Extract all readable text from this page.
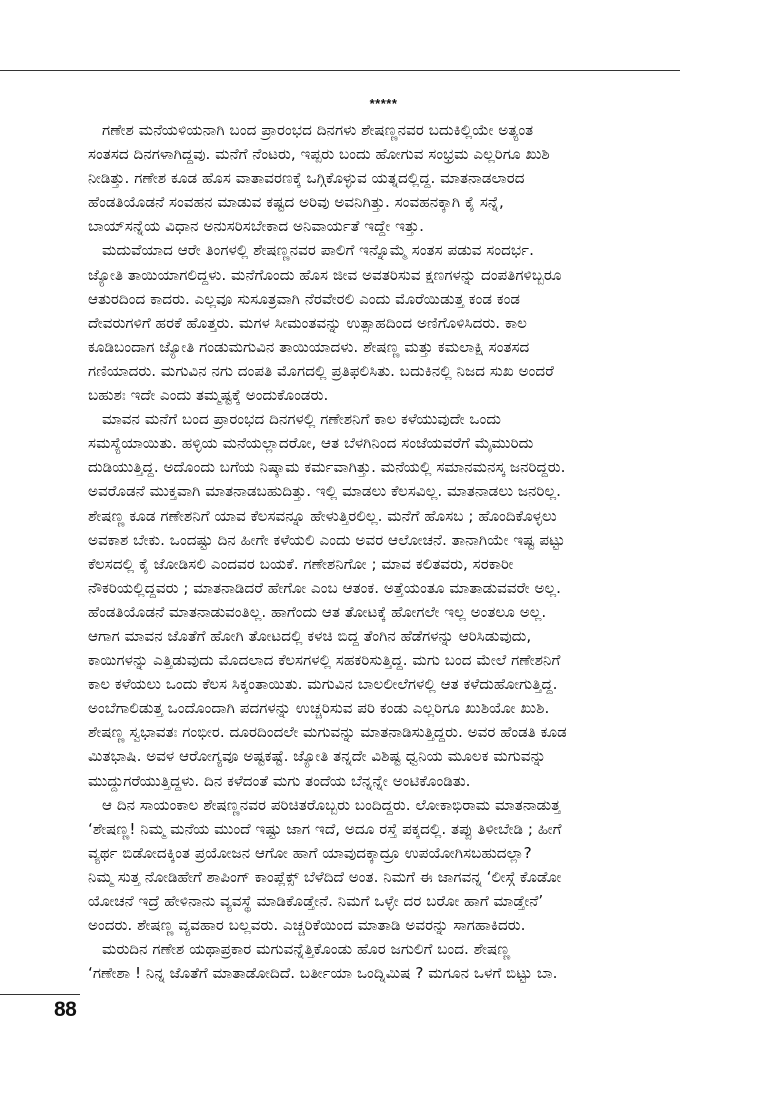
*****
ಗಣೇಶ ಮನೆಯಳಿಯನಾಗಿ ಬಂದ ಪ್ರಾರಂಭದ ದಿನಗಳು ಶೇಷಣ್ಣನವರ ಬದುಕಿಲ್ಲಿಯೇ ಅತ್ಯಂತ
ಸಂತಸದ ದಿನಗಳಾಗಿದ್ದವು. ಮನೆಗೆ ನೆಂಟರು, ಇಪ್ಪರು ಬಂದು ಹೋಗುವ ಸಂಭ್ರಮ ಎಲ್ಲರಿಗೂ ಖುಶಿ
ನೀಡಿತ್ತು. ಗಣೇಶ ಕೂಡ ಹೊಸ ವಾತಾವರಣಕ್ಕೆ ಒಗ್ಗಿಕೊಳ್ಳುವ ಯತ್ನದಲ್ಲಿದ್ದ. ಮಾತನಾಡಲಾರದ
ಹೆಂಡತಿಯೊಡನೆ ಸಂವಹನ ಮಾಡುವ ಕಷ್ಟದ ಅರಿವು ಅವನಿಗಿತ್ತು. ಸಂವಹನಕ್ಕಾಗಿ ಕೈ ಸನ್ನೆ,
ಬಾಯ್‌ಸನ್ನೆಯ ವಿಧಾನ ಅನುಸರಿಸಬೇಕಾದ ಅನಿವಾರ್ಯತೆ ಇದ್ದೇ ಇತ್ತು.
ಮದುವೆಯಾದ ಆರೇ ತಿಂಗಳಲ್ಲಿ ಶೇಷಣ್ಣನವರ ಪಾಲಿಗೆ ಇನ್ನೊಮ್ಮೆ ಸಂತಸ ಪಡುವ ಸಂದರ್ಭ.
ಜ್ಯೋತಿ ತಾಯಿಯಾಗಲಿದ್ದಳು. ಮನೆಗೊಂದು ಹೊಸ ಜೀವ ಅವತರಿಸುವ ಕ್ಷಣಗಳನ್ನು ದಂಪತಿಗಳಿಬ್ಬರೂ
ಆತುರದಿಂದ ಕಾದರು. ಎಲ್ಲವೂ ಸುಸೂತ್ರವಾಗಿ ನೆರವೇರಲಿ ಎಂದು ಮೊರೆಯಿಡುತ್ತ ಕಂಡ ಕಂಡ
ದೇವರುಗಳಿಗೆ ಹರಕೆ ಹೊತ್ತರು. ಮಗಳ ಸೀಮಂತವನ್ನು ಉತ್ಸಾಹದಿಂದ ಅಣಿಗೊಳಿಸಿದರು. ಕಾಲ
ಕೂಡಿಬಂದಾಗ ಜ್ಯೋತಿ ಗಂಡುಮಗುವಿನ ತಾಯಿಯಾದಳು. ಶೇಷಣ್ಣ ಮತ್ತು ಕಮಲಾಕ್ಷಿ ಸಂತಸದ
ಗಣಿಯಾದರು. ಮಗುವಿನ ನಗು ದಂಪತಿ ಮೊಗದಲ್ಲಿ ಪ್ರತಿಫಲಿಸಿತು. ಬದುಕಿನಲ್ಲಿ ನಿಜದ ಸುಖ ಅಂದರೆ
ಬಹುಶಃ ಇದೇ ಎಂದು ತಮ್ಮಷ್ಟಕ್ಕೆ ಅಂದುಕೊಂಡರು.
ಮಾವನ ಮನೆಗೆ ಬಂದ ಪ್ರಾರಂಭದ ದಿನಗಳಲ್ಲಿ ಗಣೇಶನಿಗೆ ಕಾಲ ಕಳೆಯುವುದೇ ಒಂದು
ಸಮಸ್ಯೆಯಾಯಿತು. ಹಳ್ಳಿಯ ಮನೆಯಲ್ಲಾದರೋ, ಆತ ಬೆಳಗಿನಿಂದ ಸಂಜೆಯವರೆಗೆ ಮೈಮುರಿದು
ದುಡಿಯುತ್ತಿದ್ದ. ಅದೊಂದು ಬಗೆಯ ನಿಷ್ಕಾಮ ಕರ್ಮವಾಗಿತ್ತು. ಮನೆಯಲ್ಲಿ ಸಮಾನಮನಸ್ಕ ಜನರಿದ್ದರು.
ಅವರೊಡನೆ ಮುಕ್ತವಾಗಿ ಮಾತನಾಡಬಹುದಿತ್ತು. ಇಲ್ಲಿ ಮಾಡಲು ಕೆಲಸವಿಲ್ಲ. ಮಾತನಾಡಲು ಜನರಿಲ್ಲ.
ಶೇಷಣ್ಣ ಕೂಡ ಗಣೇಶನಿಗೆ ಯಾವ ಕೆಲಸವನ್ನೂ ಹೇಳುತ್ತಿರಲಿಲ್ಲ. ಮನೆಗೆ ಹೊಸಬ ; ಹೊಂದಿಕೊಳ್ಳಲು
ಅವಕಾಶ ಬೇಕು. ಒಂದಷ್ಟು ದಿನ ಹೀಗೇ ಕಳೆಯಲಿ ಎಂದು ಅವರ ಆಲೋಚನೆ. ತಾನಾಗಿಯೇ ಇಷ್ಟ ಪಟ್ಟು
ಕೆಲಸದಲ್ಲಿ ಕೈ ಜೋಡಿಸಲಿ ಎಂದವರ ಬಯಕೆ. ಗಣೇಶನಿಗೋ ; ಮಾವ ಕಲಿತವರು, ಸರಕಾರೀ
ನೌಕರಿಯಲ್ಲಿದ್ದವರು ; ಮಾತನಾಡಿದರೆ ಹೇಗೋ ಎಂಬ ಆತಂಕ. ಅತ್ತೆಯಂತೂ ಮಾತಾಡುವವರೇ ಅಲ್ಲ.
ಹೆಂಡತಿಯೊಡನೆ ಮಾತನಾಡುವಂತಿಲ್ಲ. ಹಾಗೆಂದು ಆತ ತೋಟಕ್ಕೆ ಹೋಗಲೇ ಇಲ್ಲ ಅಂತಲೂ ಅಲ್ಲ.
ಆಗಾಗ ಮಾವನ ಜೊತೆಗೆ ಹೋಗಿ ತೋಟದಲ್ಲಿ ಕಳಚಿ ಬಿದ್ದ ತೆಂಗಿನ ಹೆಡೆಗಳನ್ನು ಆರಿಸಿಡುವುದು,
ಕಾಯಿಗಳನ್ನು ಎತ್ತಿಡುವುದು ಮೊದಲಾದ ಕೆಲಸಗಳಲ್ಲಿ ಸಹಕರಿಸುತ್ತಿದ್ದ. ಮಗು ಬಂದ ಮೇಲೆ ಗಣೇಶನಿಗೆ
ಕಾಲ ಕಳೆಯಲು ಒಂದು ಕೆಲಸ ಸಿಕ್ಕಂತಾಯಿತು. ಮಗುವಿನ ಬಾಲಲೀಲೆಗಳಲ್ಲಿ ಆತ ಕಳೆದುಹೋಗುತ್ತಿದ್ದ.
ಅಂಬೆಗಾಲಿಡುತ್ತ ಒಂದೊಂದಾಗಿ ಪದಗಳನ್ನು ಉಚ್ಚರಿಸುವ ಪರಿ ಕಂಡು ಎಲ್ಲರಿಗೂ ಖುಶಿಯೋ ಖುಶಿ.
ಶೇಷಣ್ಣ ಸ್ವಭಾವತಃ ಗಂಭೀರ. ದೂರದಿಂದಲೇ ಮಗುವನ್ನು ಮಾತನಾಡಿಸುತ್ತಿದ್ದರು. ಅವರ ಹೆಂಡತಿ ಕೂಡ
ಮಿತಭಾಷಿ. ಅವಳ ಆರೋಗ್ಯವೂ ಅಷ್ಟಕಷ್ಟೆ. ಜ್ಯೋತಿ ತನ್ನದೇ ವಿಶಿಷ್ಟ ಧ್ವನಿಯ ಮೂಲಕ ಮಗುವನ್ನು
ಮುದ್ದುಗರೆಯುತ್ತಿದ್ದಳು. ದಿನ ಕಳೆದಂತೆ ಮಗು ತಂದೆಯ ಬೆನ್ನನ್ನೇ ಅಂಟಿಕೊಂಡಿತು.
ಆ ದಿನ ಸಾಯಂಕಾಲ ಶೇಷಣ್ಣನವರ ಪರಿಚಿತರೊಬ್ಬರು ಬಂದಿದ್ದರು. ಲೋಕಾಭಿರಾಮ ಮಾತನಾಡುತ್ತ
‘ಶೇಷಣ್ಣ! ನಿಮ್ಮ ಮನೆಯ ಮುಂದೆ ಇಷ್ಟು ಜಾಗ ಇದೆ, ಅದೂ ರಸ್ತೆ ಪಕ್ಕದಲ್ಲಿ. ತಪ್ಪು ತಿಳೀಬೇಡಿ ; ಹೀಗೆ
ವ್ಯರ್ಥ ಬಿಡೋದಕ್ಕಿಂತ ಪ್ರಯೋಜನ ಆಗೋ ಹಾಗೆ ಯಾವುದಕ್ಕಾದ್ರೂ ಉಪಯೋಗಿಸಬಹುದಲ್ಲಾ?
ನಿಮ್ಮ ಸುತ್ತ ನೋಡಿಹೇಗೆ ಶಾಪಿಂಗ್ ಕಾಂಪ್ಲೆಕ್ಸ್ ಬೆಳೆದಿದೆ ಅಂತ. ನಿಮಗೆ ಈ ಜಾಗವನ್ನ ‘ಲೀಸ್ಗೆ ಕೊಡೋ
ಯೋಚನೆ ಇದ್ರೆ ಹೇಳಿನಾನು ವ್ಯವಸ್ಥೆ ಮಾಡಿಕೊಡ್ತೇನೆ. ನಿಮಗೆ ಒಳ್ಳೇ ದರ ಬರೋ ಹಾಗೆ ಮಾಡ್ತೇನೆ’
ಅಂದರು. ಶೇಷಣ್ಣ ವ್ಯವಹಾರ ಬಲ್ಲವರು. ಎಚ್ಚರಿಕೆಯಿಂದ ಮಾತಾಡಿ ಅವರನ್ನು ಸಾಗಹಾಕಿದರು.
ಮರುದಿನ ಗಣೇಶ ಯಥಾಪ್ರಕಾರ ಮಗುವನ್ನೆತ್ತಿಕೊಂಡು ಹೊರ ಜಗುಲಿಗೆ ಬಂದ. ಶೇಷಣ್ಣ
‘ಗಣೇಶಾ ! ನಿನ್ನ ಜೊತೆಗೆ ಮಾತಾಡೋದಿದೆ. ಬರ್ತೀಯಾ ಒಂದ್ನಿಮಿಷ ? ಮಗೂನ ಒಳಗೆ ಬಿಟ್ಟು ಬಾ.
88
